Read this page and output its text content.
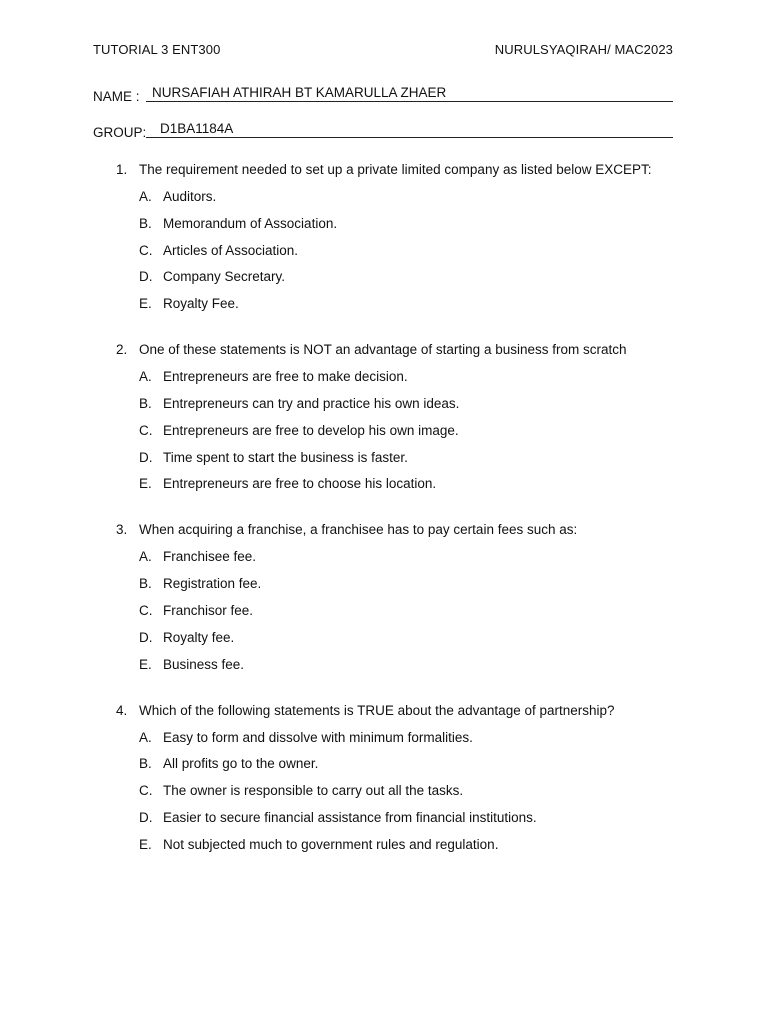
TUTORIAL 3 ENT300	NURULSYAQIRAH/ MAC2023
NAME : NURSAFIAH ATHIRAH BT KAMARULLA ZHAER
GROUP: D1BA1184A
1. The requirement needed to set up a private limited company as listed below EXCEPT:
A. Auditors.
B. Memorandum of Association.
C. Articles of Association.
D. Company Secretary.
E. Royalty Fee.
2. One of these statements is NOT an advantage of starting a business from scratch
A. Entrepreneurs are free to make decision.
B. Entrepreneurs can try and practice his own ideas.
C. Entrepreneurs are free to develop his own image.
D. Time spent to start the business is faster.
E. Entrepreneurs are free to choose his location.
3. When acquiring a franchise, a franchisee has to pay certain fees such as:
A. Franchisee fee.
B. Registration fee.
C. Franchisor fee.
D. Royalty fee.
E. Business fee.
4. Which of the following statements is TRUE about the advantage of partnership?
A. Easy to form and dissolve with minimum formalities.
B. All profits go to the owner.
C. The owner is responsible to carry out all the tasks.
D. Easier to secure financial assistance from financial institutions.
E. Not subjected much to government rules and regulation.
